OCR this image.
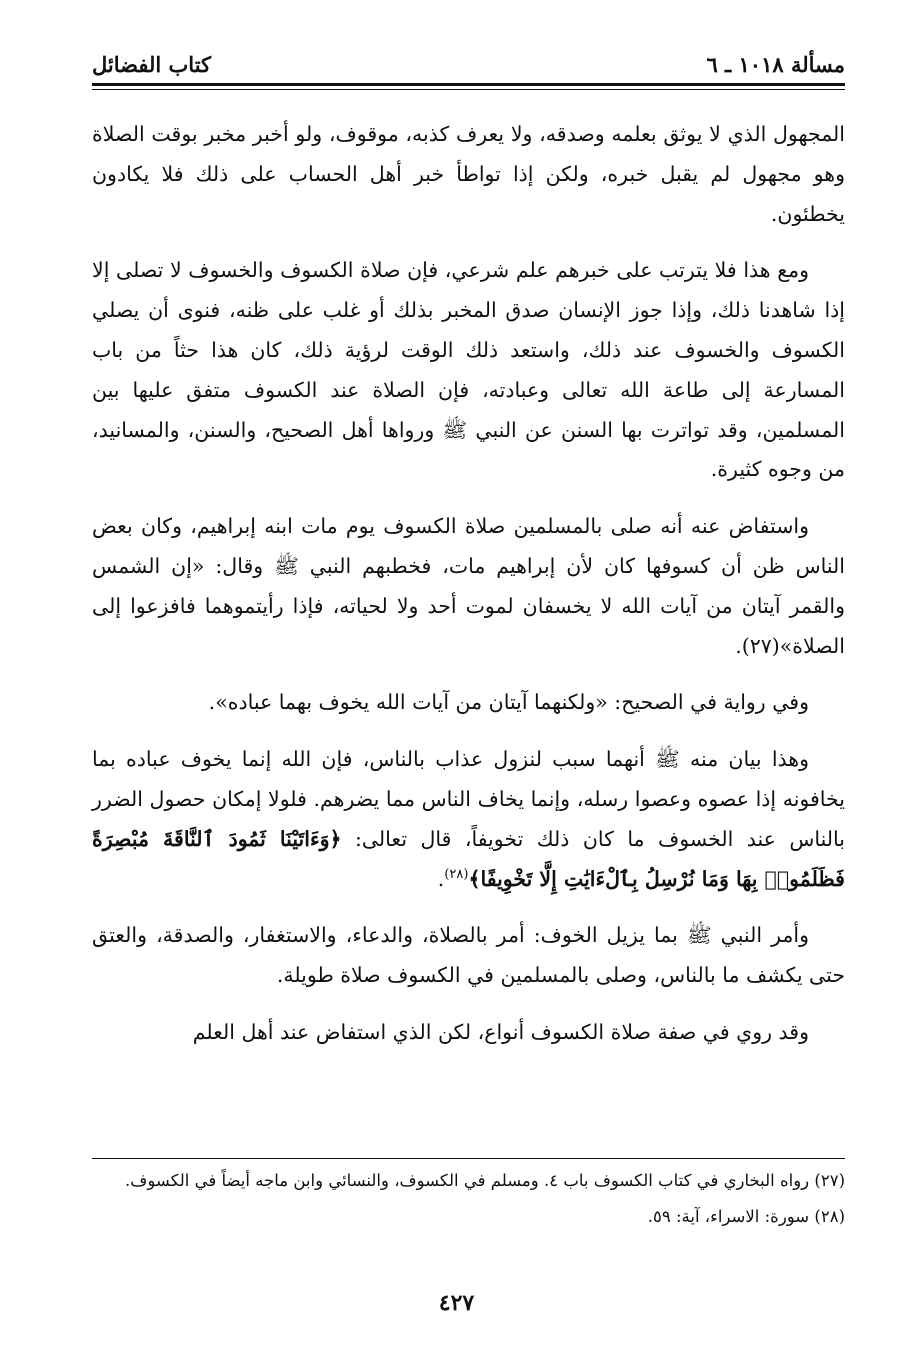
مسألة ١٠١٨ ـ ٦
كتاب الفضائل

المجهول الذي لا يوثق بعلمه وصدقه، ولا يعرف كذبه، موقوف، ولو أخبر مخبر بوقت الصلاة وهو مجهول لم يقبل خبره، ولكن إذا تواطأ خبر أهل الحساب على ذلك فلا يكادون يخطئون.

ومع هذا فلا يترتب على خبرهم علم شرعي، فإن صلاة الكسوف والخسوف لا تصلى إلا إذا شاهدنا ذلك، وإذا جوز الإنسان صدق المخبر بذلك أو غلب على ظنه، فنوى أن يصلي الكسوف والخسوف عند ذلك، واستعد ذلك الوقت لرؤية ذلك، كان هذا حثاً من باب المسارعة إلى طاعة الله تعالى وعبادته، فإن الصلاة عند الكسوف متفق عليها بين المسلمين، وقد تواترت بها السنن عن النبي ﷺ ورواها أهل الصحيح، والسنن، والمسانيد، من وجوه كثيرة.

واستفاض عنه أنه صلى بالمسلمين صلاة الكسوف يوم مات ابنه إبراهيم، وكان بعض الناس ظن أن كسوفها كان لأن إبراهيم مات، فخطبهم النبي ﷺ وقال: «إن الشمس والقمر آيتان من آيات الله لا يخسفان لموت أحد ولا لحياته، فإذا رأيتموهما فافزعوا إلى الصلاة»(٢٧).

وفي رواية في الصحيح: «ولكنهما آيتان من آيات الله يخوف بهما عباده».

وهذا بيان منه ﷺ أنهما سبب لنزول عذاب بالناس، فإن الله إنما يخوف عباده بما يخافونه إذا عصوه وعصوا رسله، وإنما يخاف الناس مما يضرهم. فلولا إمكان حصول الضرر بالناس عند الخسوف ما كان ذلك تخويفاً، قال تعالى: ﴿وَءَاتَيْنَا ثَمُودَ ٱلنَّاقَةَ مُبْصِرَةً فَظَلَمُوا۟ بِهَا وَمَا نُرْسِلُ بِٱلْءَايَٰتِ إِلَّا تَخْوِيفًا﴾$^{(٢٨)}$.

وأمر النبي ﷺ بما يزيل الخوف: أمر بالصلاة، والدعاء، والاستغفار، والصدقة، والعتق حتى يكشف ما بالناس، وصلى بالمسلمين في الكسوف صلاة طويلة.

وقد روي في صفة صلاة الكسوف أنواع، لكن الذي استفاض عند أهل العلم

(٢٧) رواه البخاري في كتاب الكسوف باب ٤. ومسلم في الكسوف، والنسائي وابن ماجه أيضاً في الكسوف.

(٢٨) سورة: الاسراء، آية: ٥٩.

٤٢٧
